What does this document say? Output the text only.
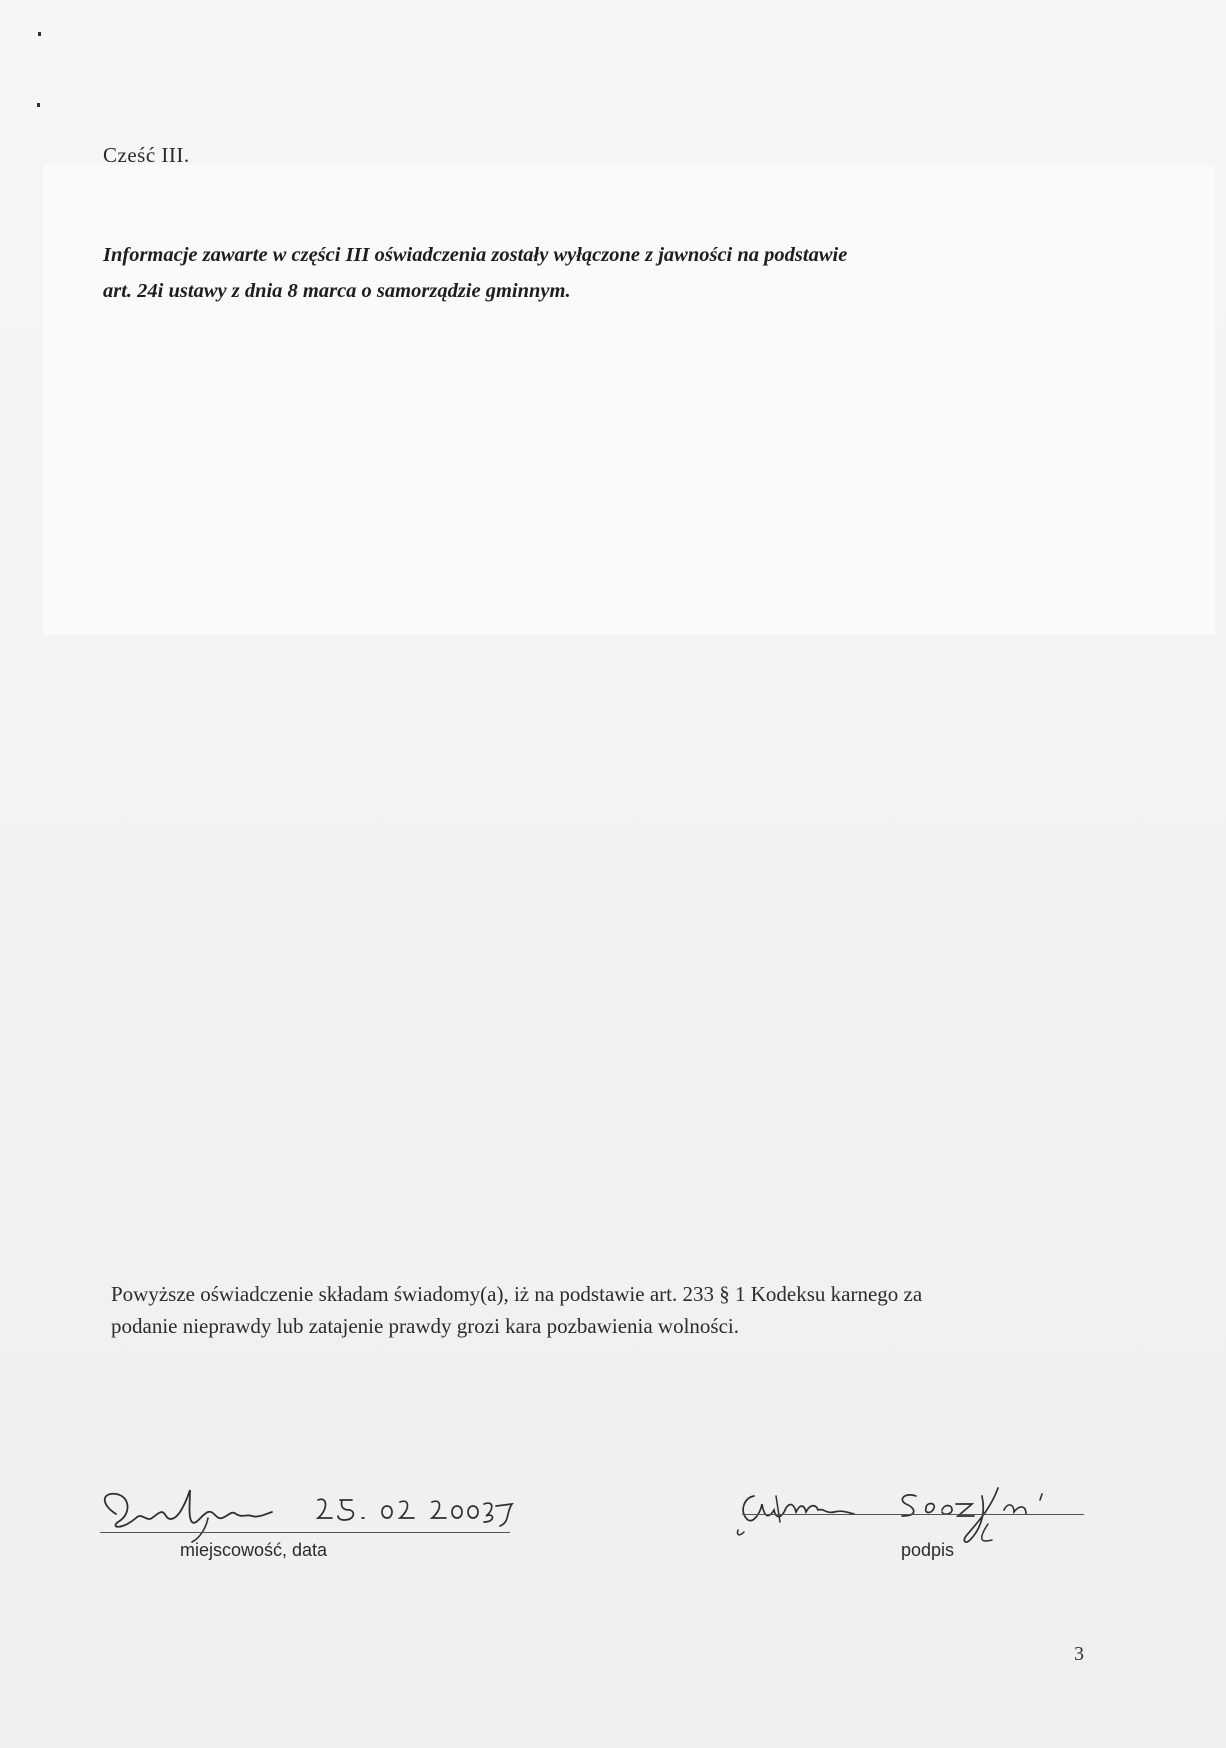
Cześć III.
Informacje zawarte w części III oświadczenia zostały wyłączone z jawności na podstawie
art. 24i ustawy z dnia 8 marca o samorządzie gminnym.
Powyższe oświadczenie składam świadomy(a), iż na podstawie art. 233 § 1 Kodeksu karnego za
podanie nieprawdy lub zatajenie prawdy grozi kara pozbawienia wolności.
miejscowość, data	podpis
3
